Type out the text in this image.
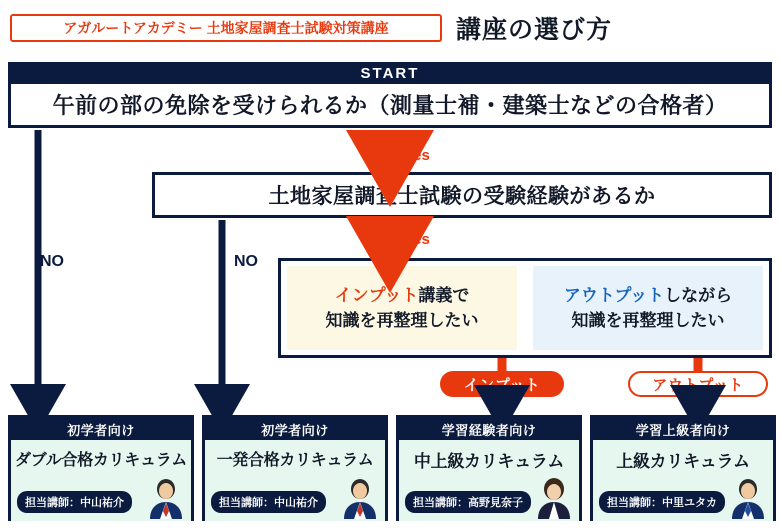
アガルートアカデミー 土地家屋調査士試験対策講座	講座の選び方
START
午前の部の免除を受けられるか（測量士補・建築士などの合格者）
土地家屋調査士試験の受験経験があるか
インプット講義で
知識を再整理したい
アウトプットしながら
知識を再整理したい
インプット	アウトプット
Yes
Yes
NO	NO
初学者向け
ダブル合格カリキュラム
担当講師：中山祐介
初学者向け
一発合格カリキュラム
担当講師：中山祐介
学習経験者向け
中上級カリキュラム
担当講師：高野見奈子
学習上級者向け
上級カリキュラム
担当講師：中里ユタカ
